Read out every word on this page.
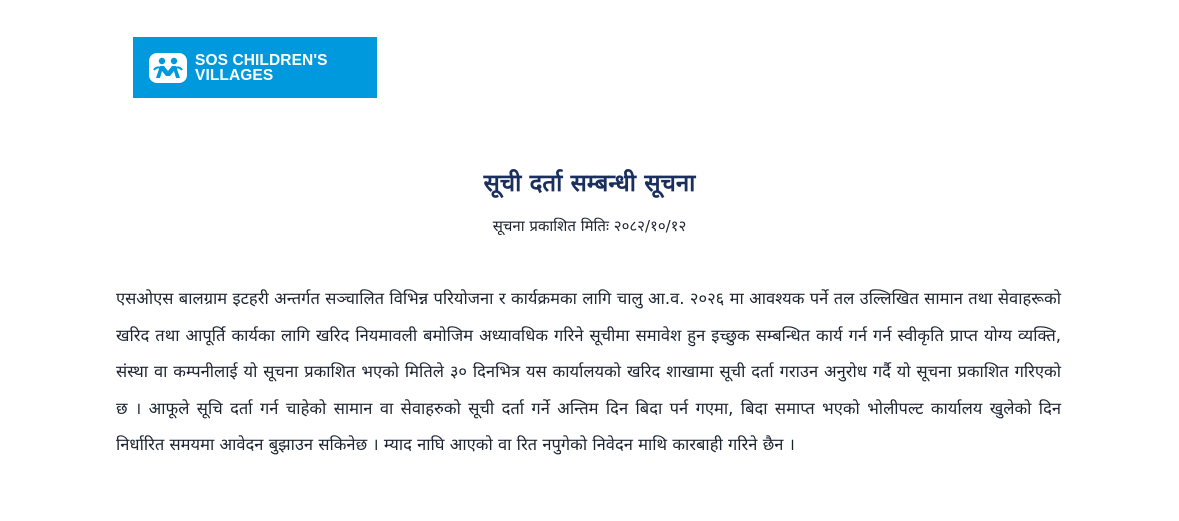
SOS CHILDREN'S
VILLAGES
सूची दर्ता सम्बन्धी सूचना
सूचना प्रकाशित मितिः २०८२/१०/१२

एसओएस बालग्राम इटहरी अन्तर्गत सञ्चालित विभिन्न परियोजना र कार्यक्रमका लागि चालु आ.व. २०२६ मा आवश्यक पर्ने तल उल्लिखित सामान तथा सेवाहरूको खरिद तथा आपूर्ति कार्यका लागि खरिद नियमावली बमोजिम अध्यावधिक गरिने सूचीमा समावेश हुन इच्छुक सम्बन्धित कार्य गर्न गर्न स्वीकृति प्राप्त योग्य व्यक्ति, संस्था वा कम्पनीलाई यो सूचना प्रकाशित भएको मितिले ३० दिनभित्र यस कार्यालयको खरिद शाखामा सूची दर्ता गराउन अनुरोध गर्दै यो सूचना प्रकाशित गरिएको छ । आफूले सूचि दर्ता गर्न चाहेको सामान वा सेवाहरुको सूची दर्ता गर्ने अन्तिम दिन बिदा पर्न गएमा, बिदा समाप्त भएको भोलीपल्ट कार्यालय खुलेको दिन निर्धारित समयमा आवेदन बुझाउन सकिनेछ । म्याद नाघि आएको वा रित नपुगेको निवेदन माथि कारबाही गरिने छैन ।
